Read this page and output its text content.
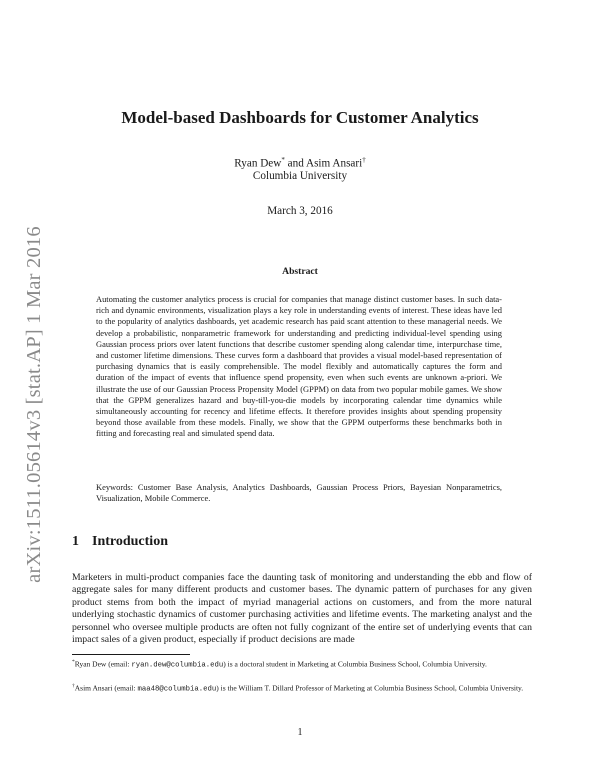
arXiv:1511.05614v3 [stat.AP] 1 Mar 2016
Model-based Dashboards for Customer Analytics
Ryan Dew* and Asim Ansari†
Columbia University
March 3, 2016
Abstract

Automating the customer analytics process is crucial for companies that manage distinct customer bases. In such data-rich and dynamic environments, visualization plays a key role in understanding events of interest. These ideas have led to the popularity of analytics dashboards, yet academic research has paid scant attention to these managerial needs. We develop a probabilistic, nonparametric framework for understanding and predicting individual-level spending using Gaussian process priors over latent functions that describe customer spending along calendar time, interpurchase time, and customer lifetime dimensions. These curves form a dashboard that provides a visual model-based representation of purchasing dynamics that is easily comprehensible. The model flexibly and automatically captures the form and duration of the impact of events that influence spend propensity, even when such events are unknown a-priori. We illustrate the use of our Gaussian Process Propensity Model (GPPM) on data from two popular mobile games. We show that the GPPM generalizes hazard and buy-till-you-die models by incorporating calendar time dynamics while simultaneously accounting for recency and lifetime effects. It therefore provides insights about spending propensity beyond those available from these models. Finally, we show that the GPPM outperforms these benchmarks both in fitting and forecasting real and simulated spend data.

Keywords: Customer Base Analysis, Analytics Dashboards, Gaussian Process Priors, Bayesian Nonparametrics, Visualization, Mobile Commerce.

1 Introduction

Marketers in multi-product companies face the daunting task of monitoring and understanding the ebb and flow of aggregate sales for many different products and customer bases. The dynamic pattern of purchases for any given product stems from both the impact of myriad managerial actions on customers, and from the more natural underlying stochastic dynamics of customer purchasing activities and lifetime events. The marketing analyst and the personnel who oversee multiple products are often not fully cognizant of the entire set of underlying events that can impact sales of a given product, especially if product decisions are made

*Ryan Dew (email: ryan.dew@columbia.edu) is a doctoral student in Marketing at Columbia Business School, Columbia University.

†Asim Ansari (email: maa48@columbia.edu) is the William T. Dillard Professor of Marketing at Columbia Business School, Columbia University.

1
